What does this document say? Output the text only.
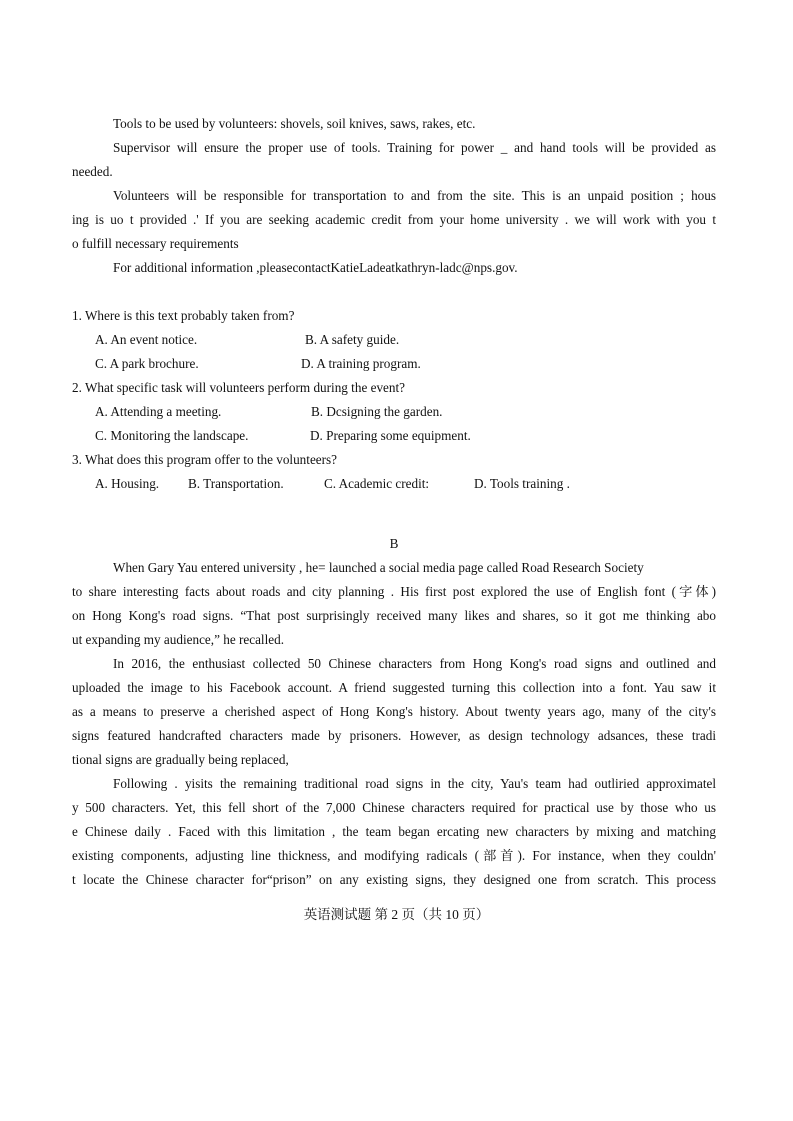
Tools to be used by volunteers: shovels, soil knives, saws, rakes, etc.
Supervisor will ensure the proper use of tools. Training for power _ and hand tools will be provided as
needed.
Volunteers will be responsible for transportation to and from the site. This is an unpaid position ; hous
ing is uo t provided .' If you are seeking academic credit from your home university . we will work with you t
o fulfill necessary requirements
For additional information ,pleasecontactKatieLadeatkathryn-ladc@nps.gov.
1. Where is this text probably taken from?
A. An event notice.	B. A safety guide.
C. A park brochure.	D. A training program.
2. What specific task will volunteers perform during the event?
A. Attending a meeting.	B. Dcsigning the garden.
C. Monitoring the landscape.	D. Preparing some equipment.
3. What does this program offer to the volunteers?
A. Housing. B. Transportation.	C. Academic credit:	D. Tools training .
B
When Gary Yau entered university , he= launched a social media page called Road Research Society
to share interesting facts about roads and city planning . His first post explored the use of English font (字体)
on Hong Kong's road signs. “That post surprisingly received many likes and shares, so it got me thinking abo
ut expanding my audience,” he recalled.
In 2016, the enthusiast collected 50 Chinese characters from Hong Kong's road signs and outlined and
uploaded the image to his Facebook account. A friend suggested turning this collection into a font. Yau saw it
as a means to preserve a cherished aspect of Hong Kong's history. About twenty years ago, many of the city's
signs featured handcrafted characters made by prisoners. However, as design technology adsances, these tradi
tional signs are gradually being replaced,
Following . yisits the remaining traditional road signs in the city, Yau's team had outliried approximatel
y 500 characters. Yet, this fell short of the 7,000 Chinese characters required for practical use by those who us
e Chinese daily . Faced with this limitation , the team began ercating new characters by mixing and matching
existing components, adjusting line thickness, and modifying radicals (部首). For instance, when they couldn'
t locate the Chinese character for“prison” on any existing signs, they designed one from scratch. This process
英语测试题 第 2 页（共 10 页）
